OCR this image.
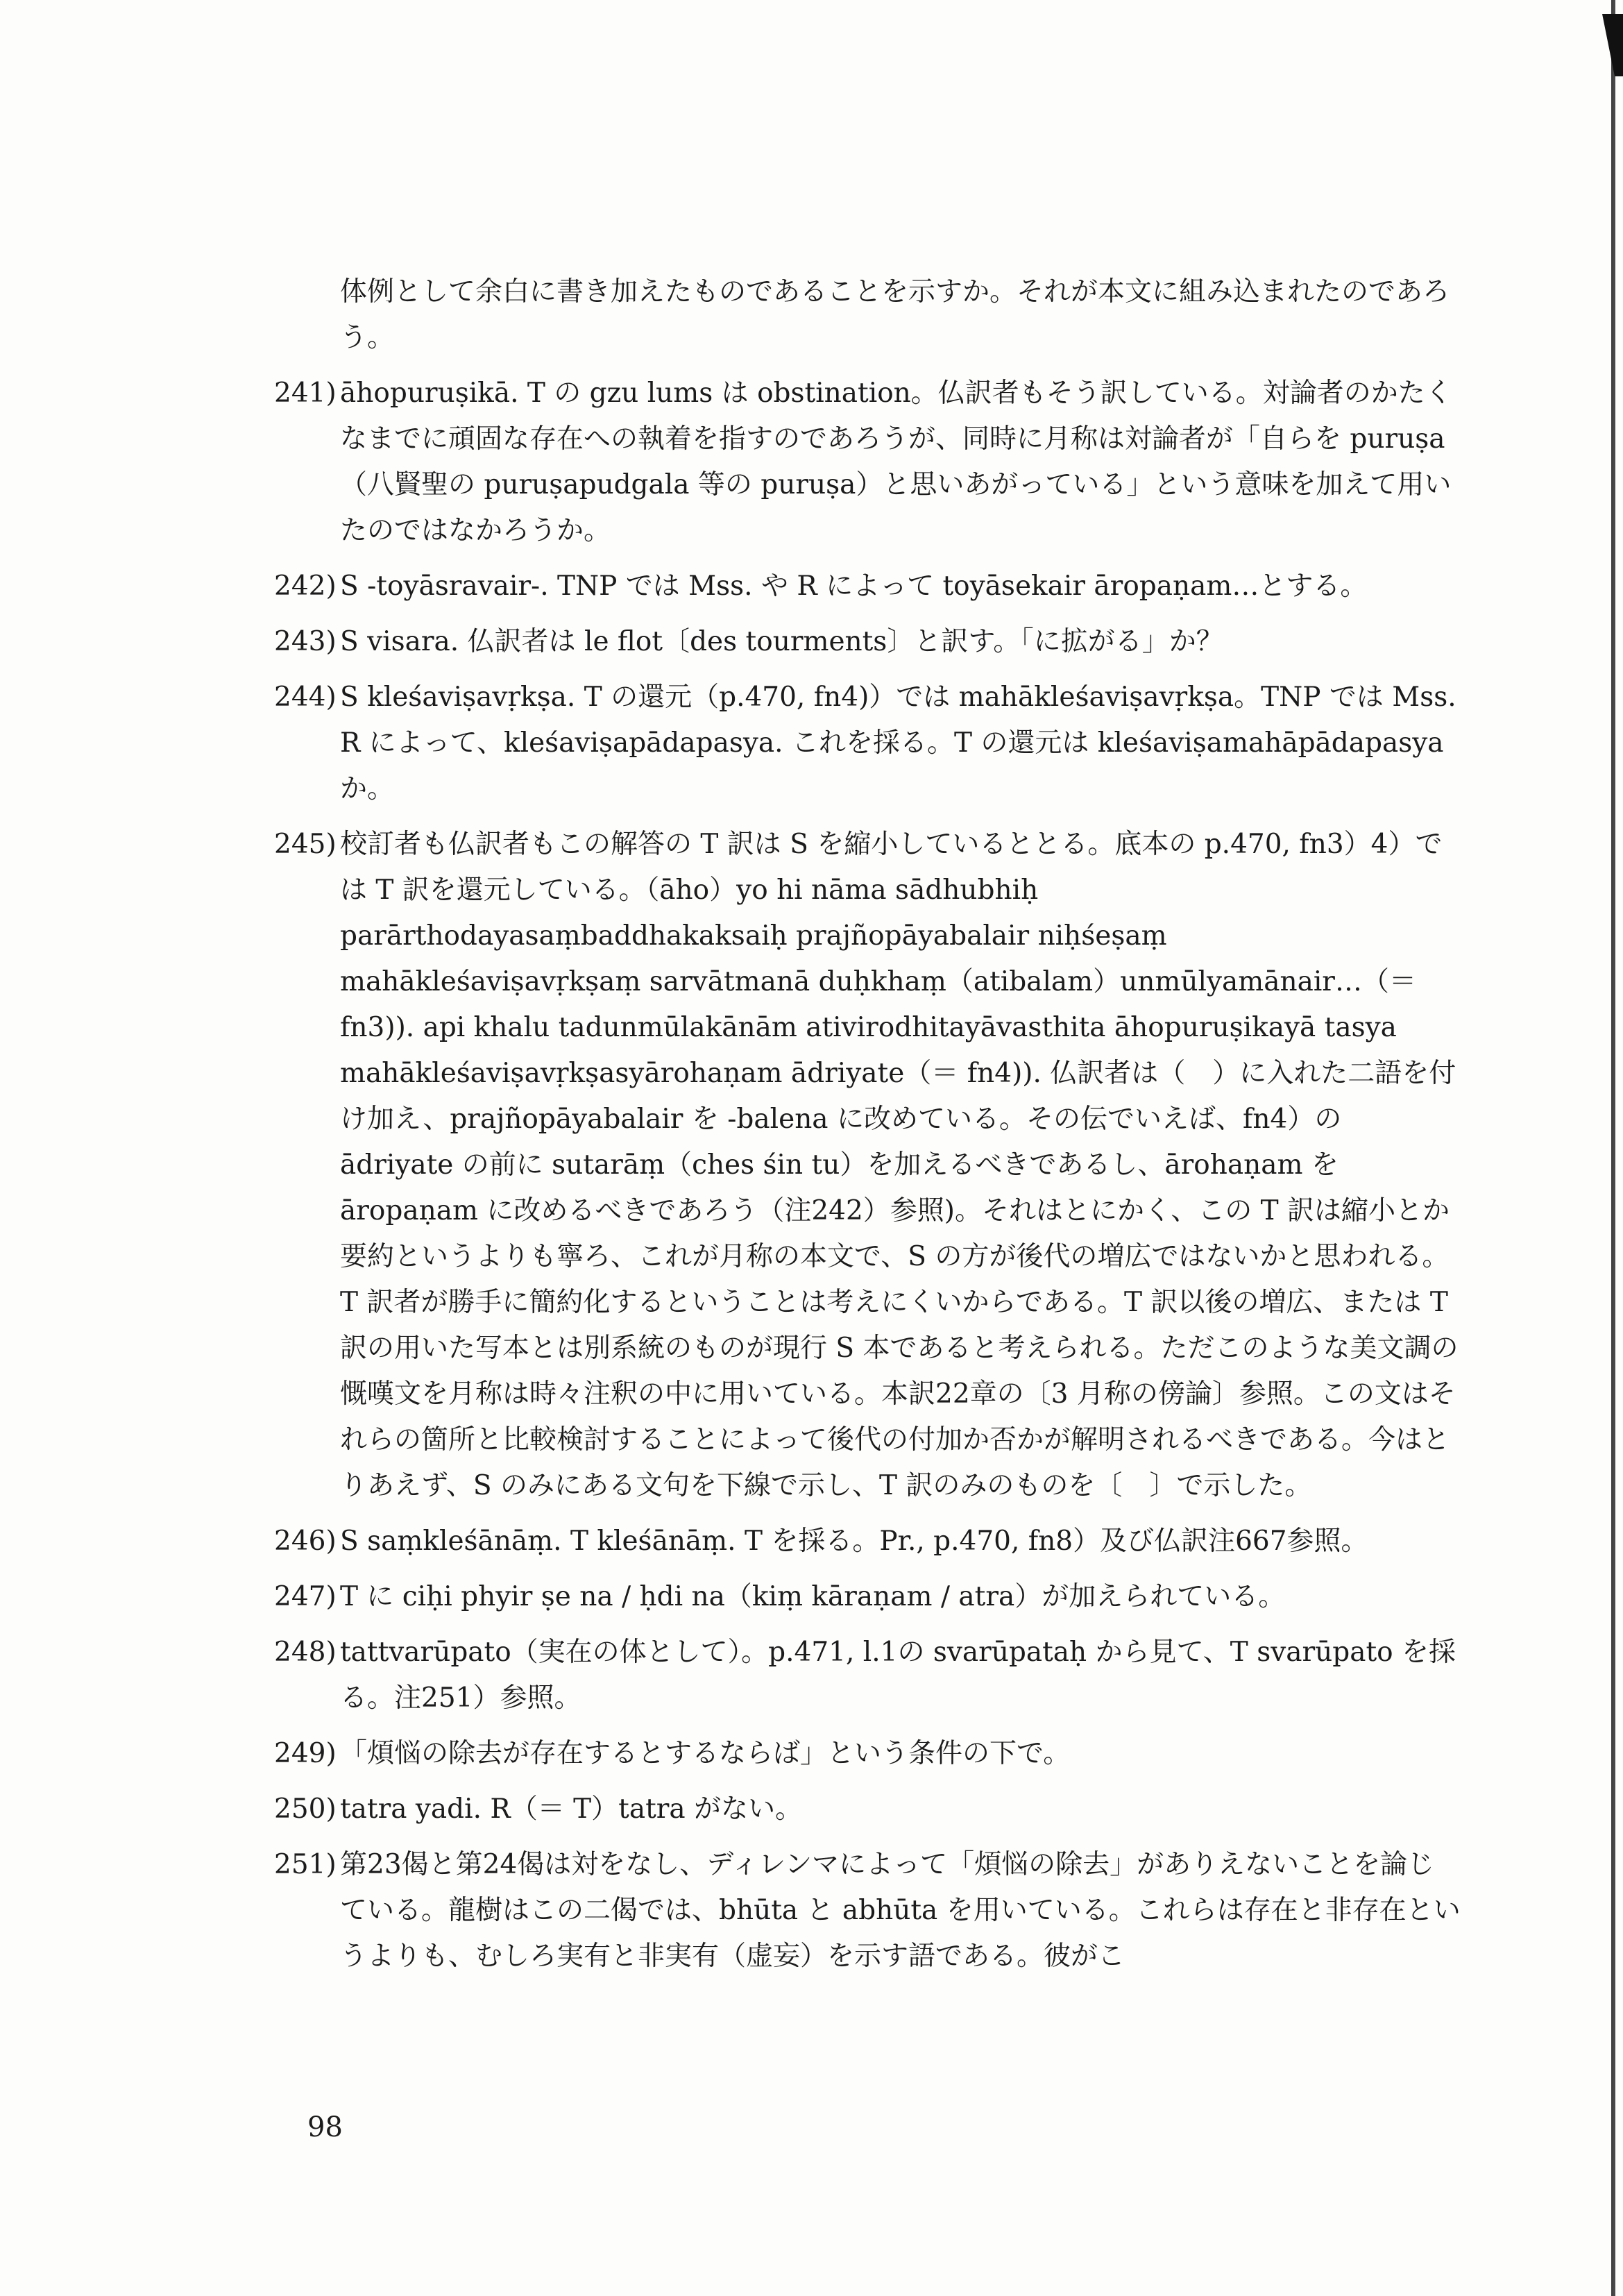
体例として余白に書き加えたものであることを示すか。それが本文に組み込まれたのであろう。

241) āhopuruṣikā. T の gzu lums は obstination。仏訳者もそう訳している。対論者のかたくなまでに頑固な存在への執着を指すのであろうが、同時に月称は対論者が「自らを puruṣa（八賢聖の puruṣapudgala 等の puruṣa）と思いあがっている」という意味を加えて用いたのではなかろうか。
242) S -toyāsravair-. TNP では Mss. や R によって toyāsekair āropaṇam…とする。
243) S visara. 仏訳者は le flot〔des tourments〕と訳す。「に拡がる」か？
244) S kleśaviṣavṛkṣa. T の還元（p.470, fn4)）では mahākleśaviṣavṛkṣa。TNP では Mss. R によって、kleśaviṣapādapasya. これを採る。T の還元は kleśaviṣamahāpādapasya か。
245) 校訂者も仏訳者もこの解答の T 訳は S を縮小しているととる。底本の p.470, fn3）4）では T 訳を還元している。（āho）yo hi nāma sādhubhiḥ parārthodayasaṃbaddhakaksaiḥ prajñopāyabalair niḥśeṣaṃ mahākleśaviṣavṛkṣaṃ sarvātmanā duḥkhaṃ（atibalam）unmūlyamānair…（＝ fn3)). api khalu tadunmūlakānām ativirodhitayāvasthita āhopuruṣikayā tasya mahākleśaviṣavṛkṣasyārohaṇam ādriyate（＝ fn4)). 仏訳者は（　）に入れた二語を付け加え、prajñopāyabalair を -balena に改めている。その伝でいえば、fn4）の ādriyate の前に sutarāṃ（ches śin tu）を加えるべきであるし、ārohaṇam を āropaṇam に改めるべきであろう（注242）参照)。それはとにかく、この T 訳は縮小とか要約というよりも寧ろ、これが月称の本文で、S の方が後代の増広ではないかと思われる。T 訳者が勝手に簡約化するということは考えにくいからである。T 訳以後の増広、または T 訳の用いた写本とは別系統のものが現行 S 本であると考えられる。ただこのような美文調の慨嘆文を月称は時々注釈の中に用いている。本訳22章の〔3 月称の傍論〕参照。この文はそれらの箇所と比較検討することによって後代の付加か否かが解明されるべきである。今はとりあえず、S のみにある文句を下線で示し、T 訳のみのものを〔　〕で示した。
246) S saṃkleśānāṃ. T kleśānāṃ. T を採る。Pr., p.470, fn8）及び仏訳注667参照。
247) T に ciḥi phyir ṣe na / ḥdi na（kiṃ kāraṇam / atra）が加えられている。
248) tattvarūpato（実在の体として）。p.471, l.1の svarūpataḥ から見て、T svarūpato を採る。注251）参照。
249) 「煩悩の除去が存在するとするならば」という条件の下で。
250) tatra yadi. R（＝ T）tatra がない。
251) 第23偈と第24偈は対をなし、ディレンマによって「煩悩の除去」がありえないことを論じている。龍樹はこの二偈では、bhūta と abhūta を用いている。これらは存在と非存在というよりも、むしろ実有と非実有（虚妄）を示す語である。彼がこ
98
